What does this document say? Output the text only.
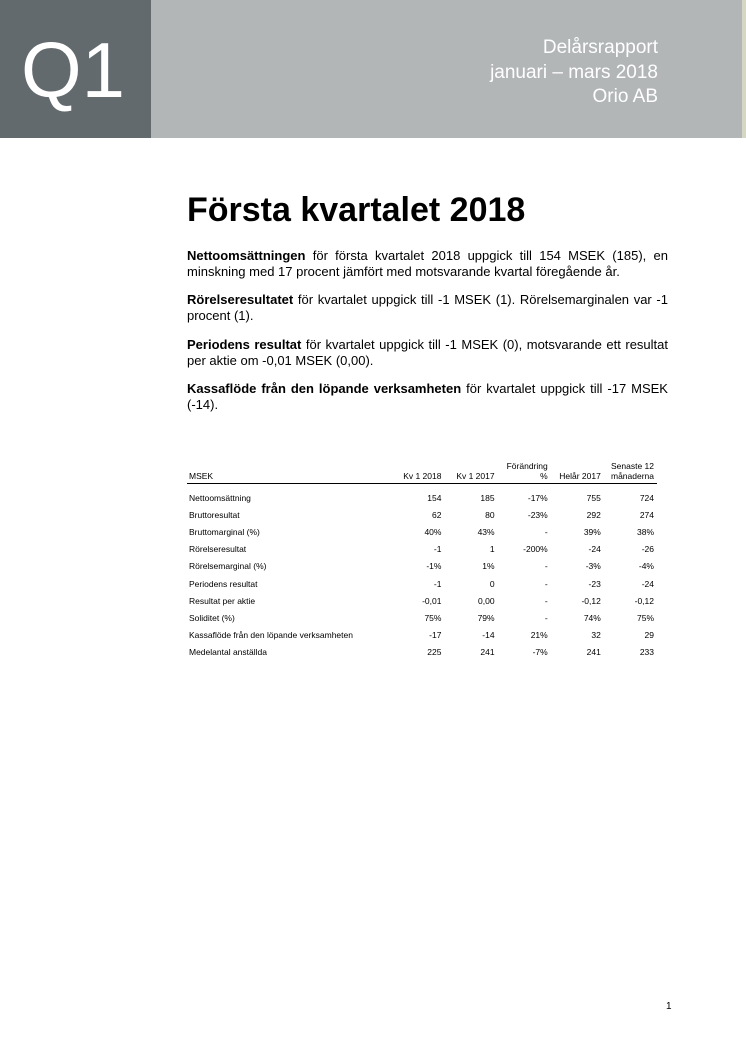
Q1	Delårsrapport
januari – mars 2018
Orio AB
Första kvartalet 2018

Nettoomsättningen för första kvartalet 2018 uppgick till 154 MSEK (185), en minskning med 17 procent jämfört med motsvarande kvartal föregående år.

Rörelseresultatet för kvartalet uppgick till -1 MSEK (1). Rörelsemarginalen var -1 procent (1).

Periodens resultat för kvartalet uppgick till -1 MSEK (0), motsvarande ett resultat per aktie om -0,01 MSEK (0,00).

Kassaflöde från den löpande verksamheten för kvartalet uppgick till -17 MSEK (-14).

MSEK	Kv 1 2018	Kv 1 2017	Förändring %	Helår 2017	Senaste 12 månaderna
Nettoomsättning	154	185	-17%	755	724
Bruttoresultat	62	80	-23%	292	274
Bruttomarginal (%)	40%	43%	-	39%	38%
Rörelseresultat	-1	1	-200%	-24	-26
Rörelsemarginal (%)	-1%	1%	-	-3%	-4%
Periodens resultat	-1	0	-	-23	-24
Resultat per aktie	-0,01	0,00	-	-0,12	-0,12
Soliditet (%)	75%	79%	-	74%	75%
Kassaflöde från den löpande verksamheten	-17	-14	21%	32	29
Medelantal anställda	225	241	-7%	241	233
1
